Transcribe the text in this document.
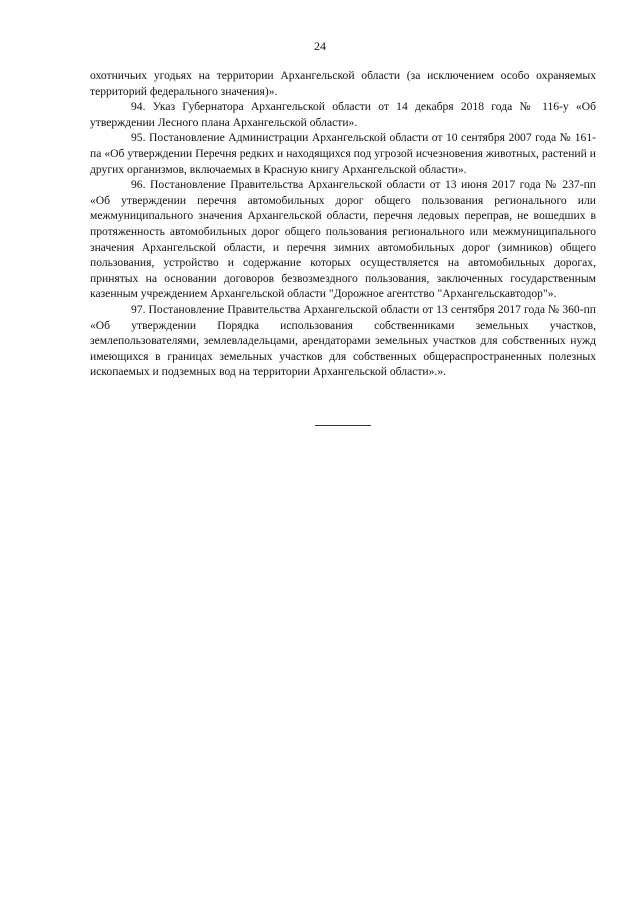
24

охотничьих угодьях на территории Архангельской области (за исключением особо охраняемых территорий федерального значения)».

94. Указ Губернатора Архангельской области от 14 декабря 2018 года № 116-у «Об утверждении Лесного плана Архангельской области».

95. Постановление Администрации Архангельской области от 10 сентября 2007 года № 161-па «Об утверждении Перечня редких и находящихся под угрозой исчезновения животных, растений и других организмов, включаемых в Красную книгу Архангельской области».

96. Постановление Правительства Архангельской области от 13 июня 2017 года № 237-пп «Об утверждении перечня автомобильных дорог общего пользования регионального или межмуниципального значения Архангельской области, перечня ледовых переправ, не вошедших в протяженность автомобильных дорог общего пользования регионального или межмуниципального значения Архангельской области, и перечня зимних автомобильных дорог (зимников) общего пользования, устройство и содержание которых осуществляется на автомобильных дорогах, принятых на основании договоров безвозмездного пользования, заключенных государственным казенным учреждением Архангельской области "Дорожное агентство "Архангельскавтодор"».

97. Постановление Правительства Архангельской области от 13 сентября 2017 года № 360-пп «Об утверждении Порядка использования собственниками земельных участков, землепользователями, землевладельцами, арендаторами земельных участков для собственных нужд имеющихся в границах земельных участков для собственных общераспространенных полезных ископаемых и подземных вод на территории Архангельской области».».
